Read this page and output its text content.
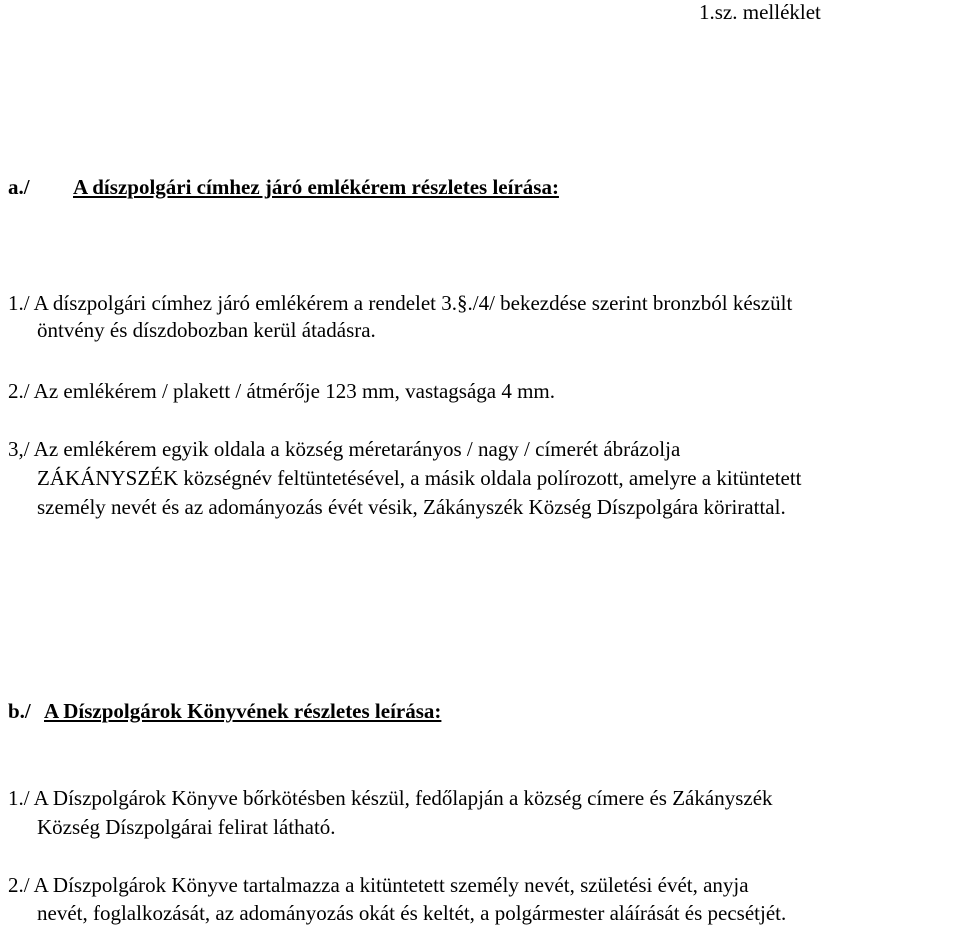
1.sz. melléklet
a./ A díszpolgári címhez járó emlékérem részletes leírása:
1./ A díszpolgári címhez járó emlékérem a rendelet 3.§./4/ bekezdése szerint bronzból készült
öntvény és díszdobozban kerül átadásra.
2./ Az emlékérem / plakett / átmérője 123 mm, vastagsága 4 mm.
3,/ Az emlékérem egyik oldala a község méretarányos / nagy / címerét ábrázolja
ZÁKÁNYSZÉK községnév feltüntetésével, a másik oldala polírozott, amelyre a kitüntetett
személy nevét és az adományozás évét vésik, Zákányszék Község Díszpolgára körirattal.
b./ A Díszpolgárok Könyvének részletes leírása:
1./ A Díszpolgárok Könyve bőrkötésben készül, fedőlapján a község címere és Zákányszék
Község Díszpolgárai felirat látható.
2./ A Díszpolgárok Könyve tartalmazza a kitüntetett személy nevét, születési évét, anyja
nevét, foglalkozását, az adományozás okát és keltét, a polgármester aláírását és pecsétjét.
